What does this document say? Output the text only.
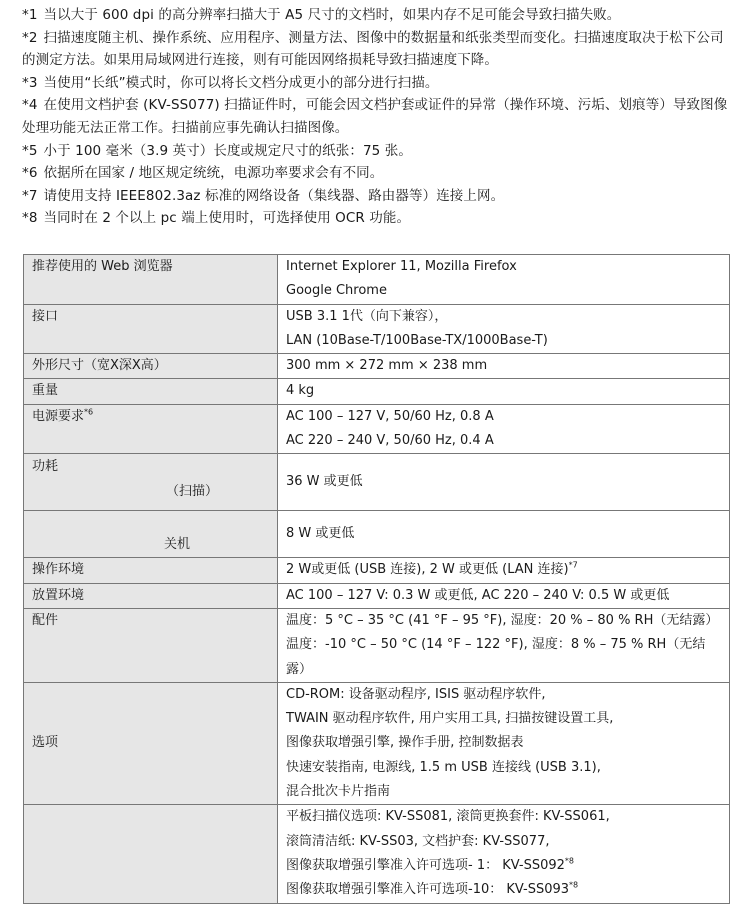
*1 当以大于 600 dpi 的高分辨率扫描大于 A5 尺寸的文档时，如果内存不足可能会导致扫描失败。
*2 扫描速度随主机、操作系统、应用程序、测量方法、图像中的数据量和纸张类型而变化。扫描速度取决于松下公司的测定方法。如果用局域网进行连接，则有可能因网络损耗导致扫描速度下降。
*3 当使用“长纸”模式时，你可以将长文档分成更小的部分进行扫描。
*4 在使用文档护套 (KV-SS077) 扫描证件时，可能会因文档护套或证件的异常（操作环境、污垢、划痕等）导致图像处理功能无法正常工作。扫描前应事先确认扫描图像。
*5 小于 100 毫米（3.9 英寸）长度或规定尺寸的纸张：75 张。
*6 依据所在国家 / 地区规定统统，电源功率要求会有不同。
*7 请使用支持 IEEE802.3az 标准的网络设备（集线器、路由器等）连接上网。
*8 当同时在 2 个以上 pc 端上使用时，可选择使用 OCR 功能。
推荐使用的 Web 浏览器	Internet Explorer 11, Mozilla Firefox
Google Chrome

接口	USB 3.1 1代（向下兼容），
LAN (10Base-T/100Base-TX/1000Base-T)

外形尺寸（宽X深X高）	300 mm × 272 mm × 238 mm
重量	4 kg
电源要求$^{*6}$	AC 100 – 127 V, 50/60 Hz, 0.8 A
AC 220 – 240 V, 50/60 Hz, 0.4 A

功耗
（扫描）	36 W 或更低

关机	8 W 或更低
操作环境	2 W或更低 (USB 连接), 2 W 或更低 (LAN 连接)$^{*7}$
放置环境	AC 100 – 127 V: 0.3 W 或更低, AC 220 – 240 V: 0.5 W 或更低
配件	温度：5 °C – 35 °C (41 °F – 95 °F), 湿度：20 % – 80 % RH（无结露）
温度：-10 °C – 50 °C (14 °F – 122 °F), 湿度：8 % – 75 % RH（无结露）

选项	CD-ROM: 设备驱动程序, ISIS 驱动程序软件,
TWAIN 驱动程序软件, 用户实用工具, 扫描按键设置工具,
图像获取增强引擎, 操作手册, 控制数据表
快速安装指南, 电源线, 1.5 m USB 连接线 (USB 3.1),
混合批次卡片指南

	平板扫描仪选项: KV-SS081, 滚筒更换套件: KV-SS061,
滚筒清洁纸: KV-SS03, 文档护套: KV-SS077,
图像获取增强引擎准入许可选项- 1： KV-SS092$^{*8}$
图像获取增强引擎准入许可选项-10： KV-SS093$^{*8}$
